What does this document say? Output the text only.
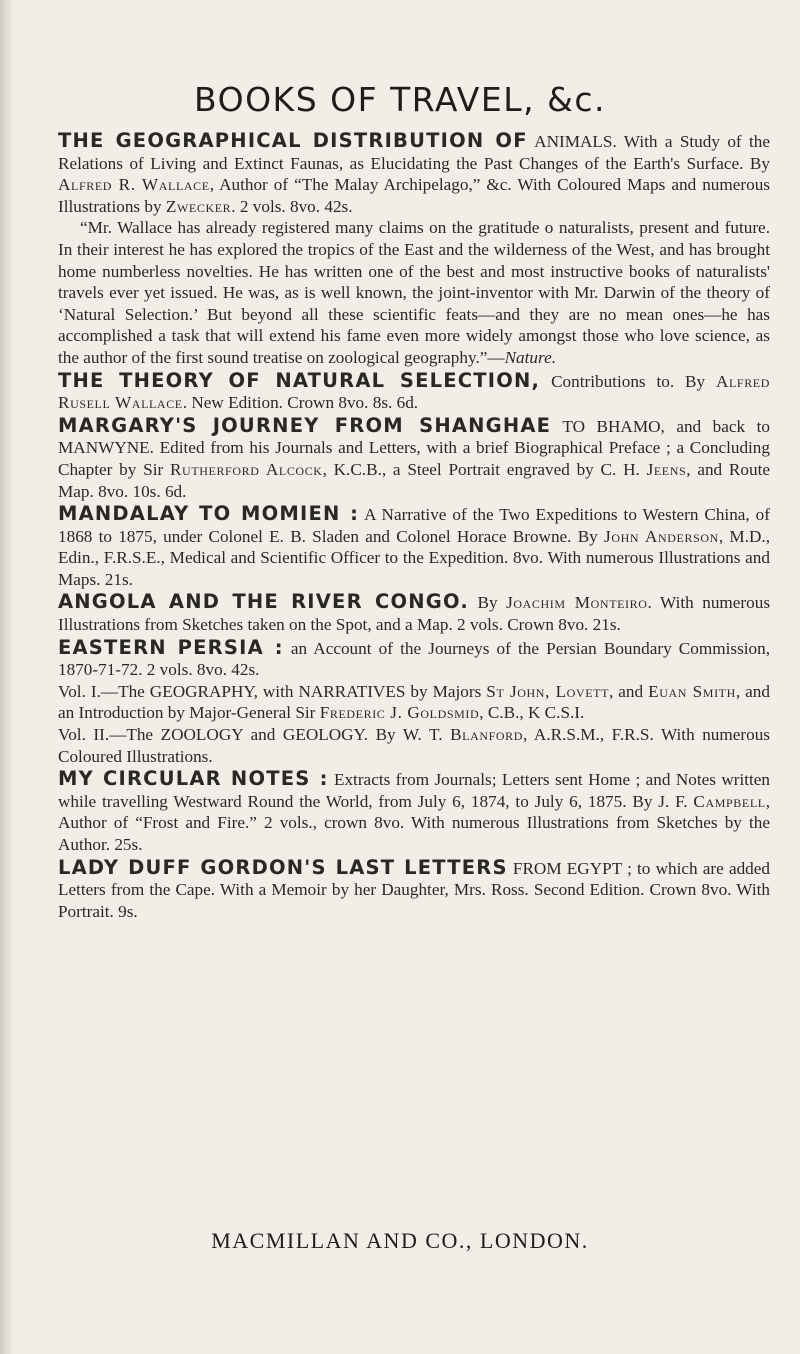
BOOKS OF TRAVEL, &c.

THE GEOGRAPHICAL DISTRIBUTION OF ANIMALS. With a Study of the Relations of Living and Extinct Faunas, as Elucidating the Past Changes of the Earth's Surface. By Alfred R. Wallace, Author of “The Malay Archipelago,” &c. With Coloured Maps and numerous Illustrations by Zwecker. 2 vols. 8vo. 42s.
“Mr. Wallace has already registered many claims on the gratitude o naturalists, present and future. In their interest he has explored the tropics of the East and the wilderness of the West, and has brought home numberless novelties. He has written one of the best and most instructive books of naturalists' travels ever yet issued. He was, as is well known, the joint-inventor with Mr. Darwin of the theory of ‘Natural Selection.’ But beyond all these scientific feats—and they are no mean ones—he has accomplished a task that will extend his fame even more widely amongst those who love science, as the author of the first sound treatise on zoological geography.”—Nature.

THE THEORY OF NATURAL SELECTION, Contributions to. By Alfred Rusell Wallace. New Edition. Crown 8vo. 8s. 6d.

MARGARY'S JOURNEY FROM SHANGHAE TO BHAMO, and back to MANWYNE. Edited from his Journals and Letters, with a brief Biographical Preface ; a Concluding Chapter by Sir Rutherford Alcock, K.C.B., a Steel Portrait engraved by C. H. Jeens, and Route Map. 8vo. 10s. 6d.

MANDALAY TO MOMIEN : A Narrative of the Two Expeditions to Western China, of 1868 to 1875, under Colonel E. B. Sladen and Colonel Horace Browne. By John Anderson, M.D., Edin., F.R.S.E., Medical and Scientific Officer to the Expedition. 8vo. With numerous Illustrations and Maps. 21s.

ANGOLA AND THE RIVER CONGO. By Joachim Monteiro. With numerous Illustrations from Sketches taken on the Spot, and a Map. 2 vols. Crown 8vo. 21s.

EASTERN PERSIA : an Account of the Journeys of the Persian Boundary Commission, 1870-71-72. 2 vols. 8vo. 42s.
Vol. I.—The GEOGRAPHY, with NARRATIVES by Majors St John, Lovett, and Euan Smith, and an Introduction by Major-General Sir Frederic J. Goldsmid, C.B., K C.S.I.
Vol. II.—The ZOOLOGY and GEOLOGY. By W. T. Blanford, A.R.S.M., F.R.S. With numerous Coloured Illustrations.

MY CIRCULAR NOTES : Extracts from Journals; Letters sent Home ; and Notes written while travelling Westward Round the World, from July 6, 1874, to July 6, 1875. By J. F. Campbell, Author of “Frost and Fire.” 2 vols., crown 8vo. With numerous Illustrations from Sketches by the Author. 25s.

LADY DUFF GORDON'S LAST LETTERS FROM EGYPT ; to which are added Letters from the Cape. With a Memoir by her Daughter, Mrs. Ross. Second Edition. Crown 8vo. With Portrait. 9s.

MACMILLAN AND CO., LONDON.
